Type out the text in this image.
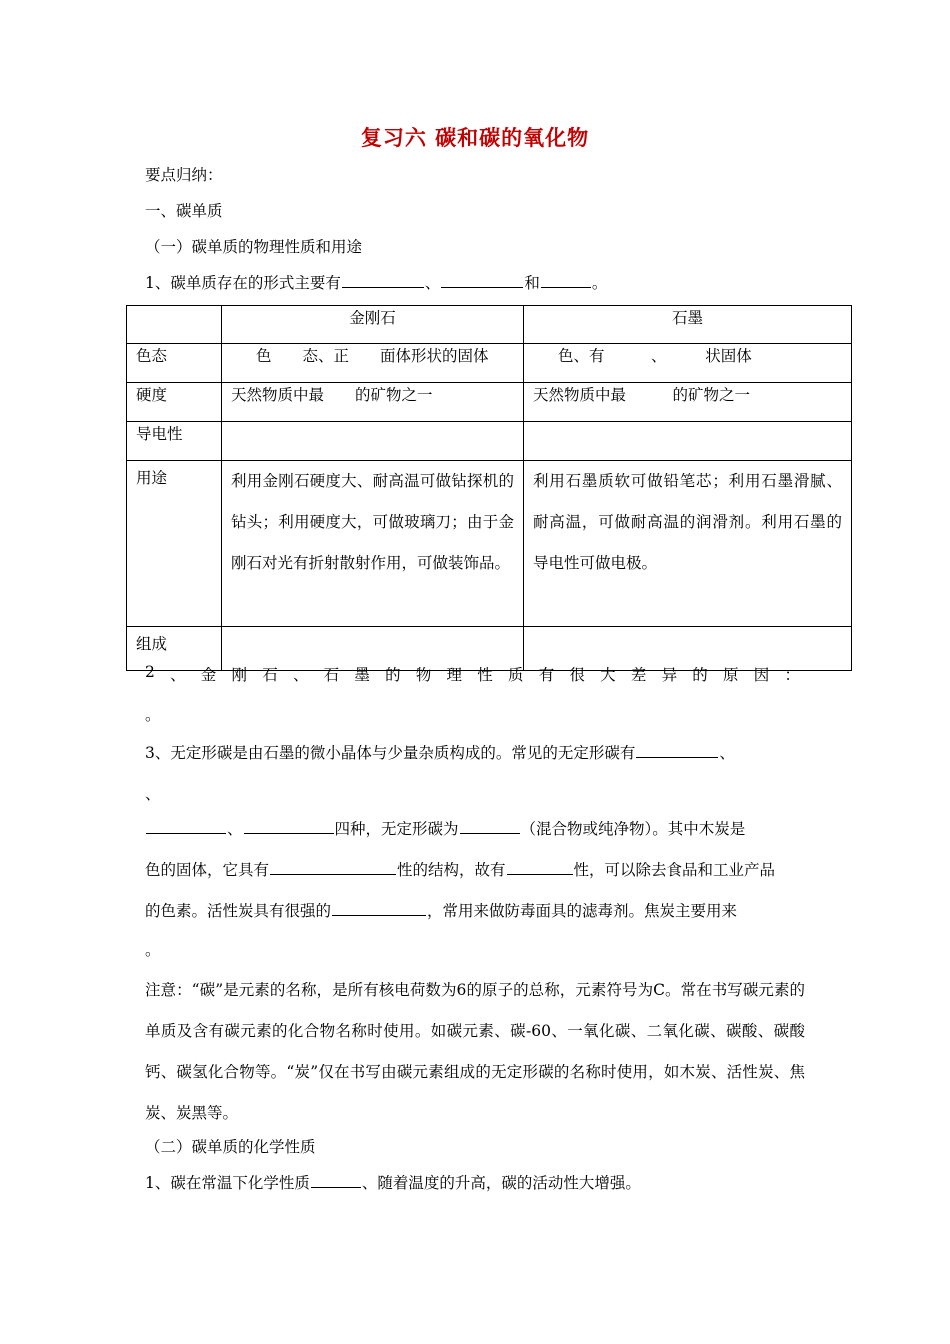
复习六 碳和碳的氧化物
要点归纳：
一、碳单质
（一）碳单质的物理性质和用途
1、碳单质存在的形式主要有	、	和	。
	金刚石	石墨
色态	色　　态、正　　面体形状的固体	色、有　　　、　　　状固体
硬度	天然物质中最　　的矿物之一	天然物质中最　　　的矿物之一
导电性		
用途	利用金刚石硬度大、耐高温可做钻探机的钻头；利用硬度大，可做玻璃刀；由于金刚石对光有折射散射作用，可做装饰品。	利用石墨质软可做铅笔芯；利用石墨滑腻、耐高温，可做耐高温的润滑剂。利用石墨的导电性可做电极。
组成		
2 、 金 刚 石 、 石 墨 的 物 理 性 质 有 很 大 差 异 的 原 因 ：
。
3、无定形碳是由石墨的微小晶体与少量杂质构成的。常见的无定形碳有	、
、
、	四种，无定形碳为	（混合物或纯净物）。其中木炭是
色的固体，它具有	性的结构，故有	性，可以除去食品和工业产品
的色素。活性炭具有很强的	，常用来做防毒面具的滤毒剂。焦炭主要用来
。
注意：“碳”是元素的名称，是所有核电荷数为6的原子的总称，元素符号为C。常在书写碳元素的单质及含有碳元素的化合物名称时使用。如碳元素、碳-60、一氧化碳、二氧化碳、碳酸、碳酸钙、碳氢化合物等。“炭”仅在书写由碳元素组成的无定形碳的名称时使用，如木炭、活性炭、焦炭、炭黑等。
（二）碳单质的化学性质
1、碳在常温下化学性质	、随着温度的升高，碳的活动性大增强。
